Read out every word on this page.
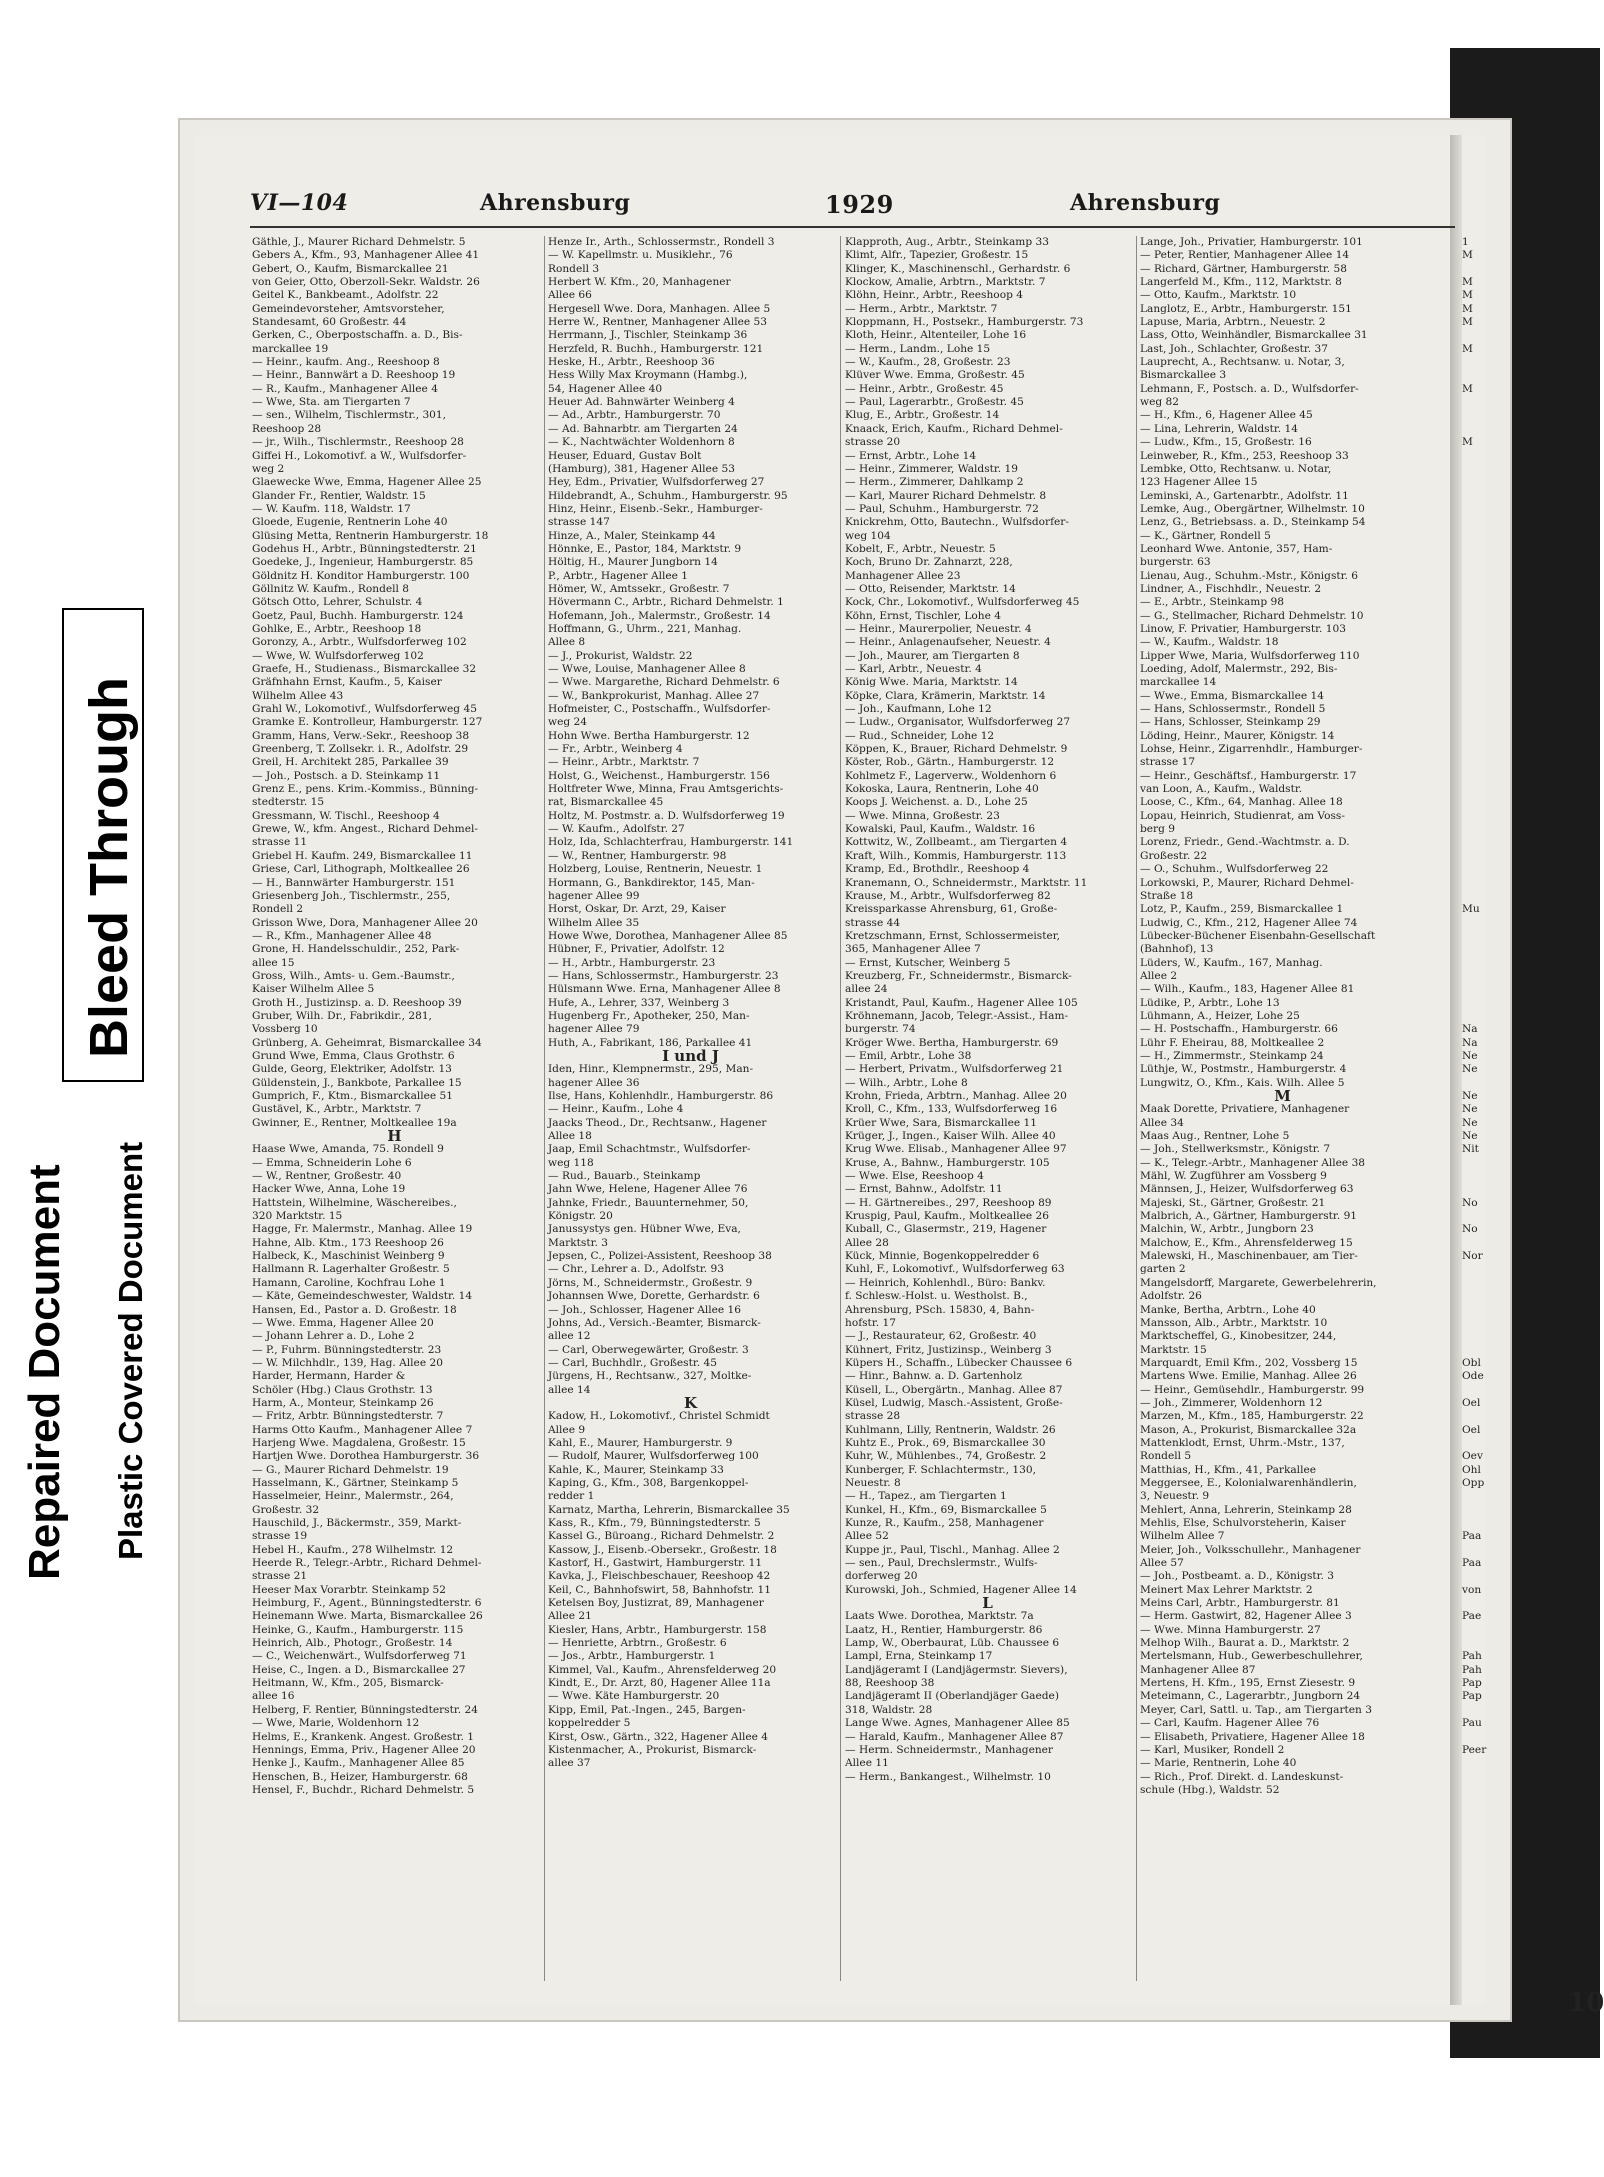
Bleed Through
Repaired Document Plastic Covered Document
VI—104	Ahrensburg	1929	Ahrensburg

Gäthle, J., Maurer Richard Dehmelstr. 5

Gebers A., Kfm., 93, Manhagener Allee 41

Gebert, O., Kaufm, Bismarckallee 21

von Geier, Otto, Oberzoll-Sekr. Waldstr. 26

Geitel K., Bankbeamt., Adolfstr. 22

Gemeindevorsteher, Amtsvorsteher,

Standesamt, 60 Großestr. 44

Gerken, C., Oberpostschaffn. a. D., Bis-

marckallee 19

— Heinr., kaufm. Ang., Reeshoop 8

— Heinr., Bannwärt a D. Reeshoop 19

— R., Kaufm., Manhagener Allee 4

— Wwe, Sta. am Tiergarten 7

— sen., Wilhelm, Tischlermstr., 301,

Reeshoop 28

— jr., Wilh., Tischlermstr., Reeshoop 28

Giffei H., Lokomotivf. a W., Wulfsdorfer-

weg 2

Glaewecke Wwe, Emma, Hagener Allee 25

Glander Fr., Rentier, Waldstr. 15

— W. Kaufm. 118, Waldstr. 17

Gloede, Eugenie, Rentnerin Lohe 40

Glüsing Metta, Rentnerin Hamburgerstr. 18

Godehus H., Arbtr., Bünningstedterstr. 21

Goedeke, J., Ingenieur, Hamburgerstr. 85

Göldnitz H. Konditor Hamburgerstr. 100

Göllnitz W. Kaufm., Rondell 8

Götsch Otto, Lehrer, Schulstr. 4

Goetz, Paul, Buchh. Hamburgerstr. 124

Gohlke, E., Arbtr., Reeshoop 18

Goronzy, A., Arbtr., Wulfsdorferweg 102

— Wwe, W. Wulfsdorferweg 102

Graefe, H., Studienass., Bismarckallee 32

Gräfnhahn Ernst, Kaufm., 5, Kaiser

Wilhelm Allee 43

Grahl W., Lokomotivf., Wulfsdorferweg 45

Gramke E. Kontrolleur, Hamburgerstr. 127

Gramm, Hans, Verw.-Sekr., Reeshoop 38

Greenberg, T. Zollsekr. i. R., Adolfstr. 29

Greil, H. Architekt 285, Parkallee 39

— Joh., Postsch. a D. Steinkamp 11

Grenz E., pens. Krim.-Kommiss., Bünning-

stedterstr. 15

Gressmann, W. Tischl., Reeshoop 4

Grewe, W., kfm. Angest., Richard Dehmel-

strasse 11

Griebel H. Kaufm. 249, Bismarckallee 11

Griese, Carl, Lithograph, Moltkeallee 26

— H., Bannwärter Hamburgerstr. 151

Griesenberg Joh., Tischlermstr., 255,

Rondell 2

Grisson Wwe, Dora, Manhagener Allee 20

— R., Kfm., Manhagener Allee 48

Grone, H. Handelsschuldir., 252, Park-

allee 15

Gross, Wilh., Amts- u. Gem.-Baumstr.,

Kaiser Wilhelm Allee 5

Groth H., Justizinsp. a. D. Reeshoop 39

Gruber, Wilh. Dr., Fabrikdir., 281,

Vossberg 10

Grünberg, A. Geheimrat, Bismarckallee 34

Grund Wwe, Emma, Claus Grothstr. 6

Gulde, Georg, Elektriker, Adolfstr. 13

Güldenstein, J., Bankbote, Parkallee 15

Gumprich, F., Ktm., Bismarckallee 51

Gustävel, K., Arbtr., Marktstr. 7

Gwinner, E., Rentner, Moltkeallee 19a

H

Haase Wwe, Amanda, 75. Rondell 9

— Emma, Schneiderin Lohe 6

— W., Rentner, Großestr. 40

Hacker Wwe, Anna, Lohe 19

Hattstein, Wilhelmine, Wäschereibes.,

320 Marktstr. 15

Hagge, Fr. Malermstr., Manhag. Allee 19

Hahne, Alb. Ktm., 173 Reeshoop 26

Halbeck, K., Maschinist Weinberg 9

Hallmann R. Lagerhalter Großestr. 5

Hamann, Caroline, Kochfrau Lohe 1

— Käte, Gemeindeschwester, Waldstr. 14

Hansen, Ed., Pastor a. D. Großestr. 18

— Wwe. Emma, Hagener Allee 20

— Johann Lehrer a. D., Lohe 2

— P., Fuhrm. Bünningstedterstr. 23

— W. Milchhdlr., 139, Hag. Allee 20

Harder, Hermann, Harder &

Schöler (Hbg.) Claus Grothstr. 13

Harm, A., Monteur, Steinkamp 26

— Fritz, Arbtr. Bünningstedterstr. 7

Harms Otto Kaufm., Manhagener Allee 7

Harjeng Wwe. Magdalena, Großestr. 15

Hartjen Wwe. Dorothea Hamburgerstr. 36

— G., Maurer Richard Dehmelstr. 19

Hasselmann, K., Gärtner, Steinkamp 5

Hasselmeier, Heinr., Malermstr., 264,

Großestr. 32

Hauschild, J., Bäckermstr., 359, Markt-

strasse 19

Hebel H., Kaufm., 278 Wilhelmstr. 12

Heerde R., Telegr.-Arbtr., Richard Dehmel-

strasse 21

Heeser Max Vorarbtr. Steinkamp 52

Heimburg, F., Agent., Bünningstedterstr. 6

Heinemann Wwe. Marta, Bismarckallee 26

Heinke, G., Kaufm., Hamburgerstr. 115

Heinrich, Alb., Photogr., Großestr. 14

— C., Weichenwärt., Wulfsdorferweg 71

Heise, C., Ingen. a D., Bismarckallee 27

Heitmann, W., Kfm., 205, Bismarck-

allee 16

Helberg, F. Rentier, Bünningstedterstr. 24

— Wwe, Marie, Woldenhorn 12

Helms, E., Krankenk. Angest. Großestr. 1

Hennings, Emma, Priv., Hagener Allee 20

Henke J., Kaufm., Manhagener Allee 85

Henschen, B., Heizer, Hamburgerstr. 68

Hensel, F., Buchdr., Richard Dehmelstr. 5

Henze Ir., Arth., Schlossermstr., Rondell 3

— W. Kapellmstr. u. Musiklehr., 76

Rondell 3

Herbert W. Kfm., 20, Manhagener

Allee 66

Hergesell Wwe. Dora, Manhagen. Allee 5

Herre W., Rentner, Manhagener Allee 53

Herrmann, J., Tischler, Steinkamp 36

Herzfeld, R. Buchh., Hamburgerstr. 121

Heske, H., Arbtr., Reeshoop 36

Hess Willy Max Kroymann (Hambg.),

54, Hagener Allee 40

Heuer Ad. Bahnwärter Weinberg 4

— Ad., Arbtr., Hamburgerstr. 70

— Ad. Bahnarbtr. am Tiergarten 24

— K., Nachtwächter Woldenhorn 8

Heuser, Eduard, Gustav Bolt

(Hamburg), 381, Hagener Allee 53

Hey, Edm., Privatier, Wulfsdorferweg 27

Hildebrandt, A., Schuhm., Hamburgerstr. 95

Hinz, Heinr., Eisenb.-Sekr., Hamburger-

strasse 147

Hinze, A., Maler, Steinkamp 44

Hönnke, E., Pastor, 184, Marktstr. 9

Höltig, H., Maurer Jungborn 14

P., Arbtr., Hagener Allee 1

Hömer, W., Amtssekr., Großestr. 7

Hövermann C., Arbtr., Richard Dehmelstr. 1

Hofemann, Joh., Malermstr., Großestr. 14

Hoffmann, G., Uhrm., 221, Manhag.

Allee 8

— J., Prokurist, Waldstr. 22

— Wwe, Louise, Manhagener Allee 8

— Wwe. Margarethe, Richard Dehmelstr. 6

— W., Bankprokurist, Manhag. Allee 27

Hofmeister, C., Postschaffn., Wulfsdorfer-

weg 24

Hohn Wwe. Bertha Hamburgerstr. 12

— Fr., Arbtr., Weinberg 4

— Heinr., Arbtr., Marktstr. 7

Holst, G., Weichenst., Hamburgerstr. 156

Holtfreter Wwe, Minna, Frau Amtsgerichts-

rat, Bismarckallee 45

Holtz, M. Postmstr. a. D. Wulfsdorferweg 19

— W. Kaufm., Adolfstr. 27

Holz, Ida, Schlachterfrau, Hamburgerstr. 141

— W., Rentner, Hamburgerstr. 98

Holzberg, Louise, Rentnerin, Neuestr. 1

Hormann, G., Bankdirektor, 145, Man-

hagener Allee 99

Horst, Oskar, Dr. Arzt, 29, Kaiser

Wilhelm Allee 35

Howe Wwe, Dorothea, Manhagener Allee 85

Hübner, F., Privatier, Adolfstr. 12

— H., Arbtr., Hamburgerstr. 23

— Hans, Schlossermstr., Hamburgerstr. 23

Hülsmann Wwe. Erna, Manhagener Allee 8

Hufe, A., Lehrer, 337, Weinberg 3

Hugenberg Fr., Apotheker, 250, Man-

hagener Allee 79

Huth, A., Fabrikant, 186, Parkallee 41

I und J

Iden, Hinr., Klempnermstr., 295, Man-

hagener Allee 36

Ilse, Hans, Kohlenhdlr., Hamburgerstr. 86

— Heinr., Kaufm., Lohe 4

Jaacks Theod., Dr., Rechtsanw., Hagener

Allee 18

Jaap, Emil Schachtmstr., Wulfsdorfer-

weg 118

— Rud., Bauarb., Steinkamp

Jahn Wwe, Helene, Hagener Allee 76

Jahnke, Friedr., Bauunternehmer, 50,

Königstr. 20

Janussystys gen. Hübner Wwe, Eva,

Marktstr. 3

Jepsen, C., Polizei-Assistent, Reeshoop 38

— Chr., Lehrer a. D., Adolfstr. 93

Jörns, M., Schneidermstr., Großestr. 9

Johannsen Wwe, Dorette, Gerhardstr. 6

— Joh., Schlosser, Hagener Allee 16

Johns, Ad., Versich.-Beamter, Bismarck-

allee 12

— Carl, Oberwegewärter, Großestr. 3

— Carl, Buchhdlr., Großestr. 45

Jürgens, H., Rechtsanw., 327, Moltke-

allee 14

K

Kadow, H., Lokomotivf., Christel Schmidt

Allee 9

Kahl, E., Maurer, Hamburgerstr. 9

— Rudolf, Maurer, Wulfsdorferweg 100

Kahle, K., Maurer, Steinkamp 33

Kaping, G., Kfm., 308, Bargenkoppel-

redder 1

Karnatz, Martha, Lehrerin, Bismarckallee 35

Kass, R., Kfm., 79, Bünningstedterstr. 5

Kassel G., Büroang., Richard Dehmelstr. 2

Kassow, J., Eisenb.-Obersekr., Großestr. 18

Kastorf, H., Gastwirt, Hamburgerstr. 11

Kavka, J., Fleischbeschauer, Reeshoop 42

Keil, C., Bahnhofswirt, 58, Bahnhofstr. 11

Ketelsen Boy, Justizrat, 89, Manhagener

Allee 21

Kiesler, Hans, Arbtr., Hamburgerstr. 158

— Henriette, Arbtrn., Großestr. 6

— Jos., Arbtr., Hamburgerstr. 1

Kimmel, Val., Kaufm., Ahrensfelderweg 20

Kindt, E., Dr. Arzt, 80, Hagener Allee 11a

— Wwe. Käte Hamburgerstr. 20

Kipp, Emil, Pat.-Ingen., 245, Bargen-

koppelredder 5

Kirst, Osw., Gärtn., 322, Hagener Allee 4

Kistenmacher, A., Prokurist, Bismarck-

allee 37

Klapproth, Aug., Arbtr., Steinkamp 33

Klimt, Alfr., Tapezier, Großestr. 15

Klinger, K., Maschinenschl., Gerhardstr. 6

Klockow, Amalie, Arbtrn., Marktstr. 7

Klöhn, Heinr., Arbtr., Reeshoop 4

— Herm., Arbtr., Marktstr. 7

Kloppmann, H., Postsekr., Hamburgerstr. 73

Kloth, Heinr., Altenteiler, Lohe 16

— Herm., Landm., Lohe 15

— W., Kaufm., 28, Großestr. 23

Klüver Wwe. Emma, Großestr. 45

— Heinr., Arbtr., Großestr. 45

— Paul, Lagerarbtr., Großestr. 45

Klug, E., Arbtr., Großestr. 14

Knaack, Erich, Kaufm., Richard Dehmel-

strasse 20

— Ernst, Arbtr., Lohe 14

— Heinr., Zimmerer, Waldstr. 19

— Herm., Zimmerer, Dahlkamp 2

— Karl, Maurer Richard Dehmelstr. 8

— Paul, Schuhm., Hamburgerstr. 72

Knickrehm, Otto, Bautechn., Wulfsdorfer-

weg 104

Kobelt, F., Arbtr., Neuestr. 5

Koch, Bruno Dr. Zahnarzt, 228,

Manhagener Allee 23

— Otto, Reisender, Marktstr. 14

Kock, Chr., Lokomotivf., Wulfsdorferweg 45

Köhn, Ernst, Tischler, Lohe 4

— Heinr., Maurerpolier, Neuestr. 4

— Heinr., Anlagenaufseher, Neuestr. 4

— Joh., Maurer, am Tiergarten 8

— Karl, Arbtr., Neuestr. 4

König Wwe. Maria, Marktstr. 14

Köpke, Clara, Krämerin, Marktstr. 14

— Joh., Kaufmann, Lohe 12

— Ludw., Organisator, Wulfsdorferweg 27

— Rud., Schneider, Lohe 12

Köppen, K., Brauer, Richard Dehmelstr. 9

Köster, Rob., Gärtn., Hamburgerstr. 12

Kohlmetz F., Lagerverw., Woldenhorn 6

Kokoska, Laura, Rentnerin, Lohe 40

Koops J. Weichenst. a. D., Lohe 25

— Wwe. Minna, Großestr. 23

Kowalski, Paul, Kaufm., Waldstr. 16

Kottwitz, W., Zollbeamt., am Tiergarten 4

Kraft, Wilh., Kommis, Hamburgerstr. 113

Kramp, Ed., Brothdlr., Reeshoop 4

Kranemann, O., Schneidermstr., Marktstr. 11

Krause, M., Arbtr., Wulfsdorferweg 82

Kreissparkasse Ahrensburg, 61, Große-

strasse 44

Kretzschmann, Ernst, Schlossermeister,

365, Manhagener Allee 7

— Ernst, Kutscher, Weinberg 5

Kreuzberg, Fr., Schneidermstr., Bismarck-

allee 24

Kristandt, Paul, Kaufm., Hagener Allee 105

Kröhnemann, Jacob, Telegr.-Assist., Ham-

burgerstr. 74

Kröger Wwe. Bertha, Hamburgerstr. 69

— Emil, Arbtr., Lohe 38

— Herbert, Privatm., Wulfsdorferweg 21

— Wilh., Arbtr., Lohe 8

Krohn, Frieda, Arbtrn., Manhag. Allee 20

Kroll, C., Kfm., 133, Wulfsdorferweg 16

Krüer Wwe, Sara, Bismarckallee 11

Krüger, J., Ingen., Kaiser Wilh. Allee 40

Krug Wwe. Elisab., Manhagener Allee 97

Kruse, A., Bahnw., Hamburgerstr. 105

— Wwe. Else, Reeshoop 4

— Ernst, Bahnw., Adolfstr. 11

— H. Gärtnereibes., 297, Reeshoop 89

Kruspig, Paul, Kaufm., Moltkeallee 26

Kuball, C., Glasermstr., 219, Hagener

Allee 28

Kück, Minnie, Bogenkoppelredder 6

Kuhl, F., Lokomotivf., Wulfsdorferweg 63

— Heinrich, Kohlenhdl., Büro: Bankv.

f. Schlesw.-Holst. u. Westholst. B.,

Ahrensburg, PSch. 15830, 4, Bahn-

hofstr. 17

— J., Restaurateur, 62, Großestr. 40

Kühnert, Fritz, Justizinsp., Weinberg 3

Küpers H., Schaffn., Lübecker Chaussee 6

— Hinr., Bahnw. a. D. Gartenholz

Küsell, L., Obergärtn., Manhag. Allee 87

Küsel, Ludwig, Masch.-Assistent, Große-

strasse 28

Kuhlmann, Lilly, Rentnerin, Waldstr. 26

Kuhtz E., Prok., 69, Bismarckallee 30

Kuhr, W., Mühlenbes., 74, Großestr. 2

Kunberger, F. Schlachtermstr., 130,

Neuestr. 8

— H., Tapez., am Tiergarten 1

Kunkel, H., Kfm., 69, Bismarckallee 5

Kunze, R., Kaufm., 258, Manhagener

Allee 52

Kuppe jr., Paul, Tischl., Manhag. Allee 2

— sen., Paul, Drechslermstr., Wulfs-

dorferweg 20

Kurowski, Joh., Schmied, Hagener Allee 14

L

Laats Wwe. Dorothea, Marktstr. 7a

Laatz, H., Rentier, Hamburgerstr. 86

Lamp, W., Oberbaurat, Lüb. Chaussee 6

Lampl, Erna, Steinkamp 17

Landjägeramt I (Landjägermstr. Sievers),

88, Reeshoop 38

Landjägeramt II (Oberlandjäger Gaede)

318, Waldstr. 28

Lange Wwe. Agnes, Manhagener Allee 85

— Harald, Kaufm., Manhagener Allee 87

— Herm. Schneidermstr., Manhagener

Allee 11

— Herm., Bankangest., Wilhelmstr. 10

Lange, Joh., Privatier, Hamburgerstr. 101

— Peter, Rentier, Manhagener Allee 14

— Richard, Gärtner, Hamburgerstr. 58

Langerfeld M., Kfm., 112, Marktstr. 8

— Otto, Kaufm., Marktstr. 10

Langlotz, E., Arbtr., Hamburgerstr. 151

Lapuse, Maria, Arbtrn., Neuestr. 2

Lass, Otto, Weinhändler, Bismarckallee 31

Last, Joh., Schlachter, Großestr. 37

Lauprecht, A., Rechtsanw. u. Notar, 3,

Bismarckallee 3

Lehmann, F., Postsch. a. D., Wulfsdorfer-

weg 82

— H., Kfm., 6, Hagener Allee 45

— Lina, Lehrerin, Waldstr. 14

— Ludw., Kfm., 15, Großestr. 16

Leinweber, R., Kfm., 253, Reeshoop 33

Lembke, Otto, Rechtsanw. u. Notar,

123 Hagener Allee 15

Leminski, A., Gartenarbtr., Adolfstr. 11

Lemke, Aug., Obergärtner, Wilhelmstr. 10

Lenz, G., Betriebsass. a. D., Steinkamp 54

— K., Gärtner, Rondell 5

Leonhard Wwe. Antonie, 357, Ham-

burgerstr. 63

Lienau, Aug., Schuhm.-Mstr., Königstr. 6

Lindner, A., Fischhdlr., Neuestr. 2

— E., Arbtr., Steinkamp 98

— G., Stellmacher, Richard Dehmelstr. 10

Linow, F. Privatier, Hamburgerstr. 103

— W., Kaufm., Waldstr. 18

Lipper Wwe, Maria, Wulfsdorferweg 110

Loeding, Adolf, Malermstr., 292, Bis-

marckallee 14

— Wwe., Emma, Bismarckallee 14

— Hans, Schlossermstr., Rondell 5

— Hans, Schlosser, Steinkamp 29

Löding, Heinr., Maurer, Königstr. 14

Lohse, Heinr., Zigarrenhdlr., Hamburger-

strasse 17

— Heinr., Geschäftsf., Hamburgerstr. 17

van Loon, A., Kaufm., Waldstr.

Loose, C., Kfm., 64, Manhag. Allee 18

Lopau, Heinrich, Studienrat, am Voss-

berg 9

Lorenz, Friedr., Gend.-Wachtmstr. a. D.

Großestr. 22

— O., Schuhm., Wulfsdorferweg 22

Lorkowski, P., Maurer, Richard Dehmel-

Straße 18

Lotz, P., Kaufm., 259, Bismarckallee 1

Ludwig, C., Kfm., 212, Hagener Allee 74

Lübecker-Büchener Eisenbahn-Gesellschaft

(Bahnhof), 13

Lüders, W., Kaufm., 167, Manhag.

Allee 2

— Wilh., Kaufm., 183, Hagener Allee 81

Lüdike, P., Arbtr., Lohe 13

Lühmann, A., Heizer, Lohe 25

— H. Postschaffn., Hamburgerstr. 66

Lühr F. Eheirau, 88, Moltkeallee 2

— H., Zimmermstr., Steinkamp 24

Lüthje, W., Postmstr., Hamburgerstr. 4

Lungwitz, O., Kfm., Kais. Wilh. Allee 5

M

Maak Dorette, Privatiere, Manhagener

Allee 34

Maas Aug., Rentner, Lohe 5

— Joh., Stellwerksmstr., Königstr. 7

— K., Telegr.-Arbtr., Manhagener Allee 38

Mähl, W. Zugführer am Vossberg 9

Männsen, J., Heizer, Wulfsdorferweg 63

Majeski, St., Gärtner, Großestr. 21

Malbrich, A., Gärtner, Hamburgerstr. 91

Malchin, W., Arbtr., Jungborn 23

Malchow, E., Kfm., Ahrensfelderweg 15

Malewski, H., Maschinenbauer, am Tier-

garten 2

Mangelsdorff, Margarete, Gewerbelehrerin,

Adolfstr. 26

Manke, Bertha, Arbtrn., Lohe 40

Mansson, Alb., Arbtr., Marktstr. 10

Marktscheffel, G., Kinobesitzer, 244,

Marktstr. 15

Marquardt, Emil Kfm., 202, Vossberg 15

Martens Wwe. Emilie, Manhag. Allee 26

— Heinr., Gemüsehdlr., Hamburgerstr. 99

— Joh., Zimmerer, Woldenhorn 12

Marzen, M., Kfm., 185, Hamburgerstr. 22

Mason, A., Prokurist, Bismarckallee 32a

Mattenklodt, Ernst, Uhrm.-Mstr., 137,

Rondell 5

Matthias, H., Kfm., 41, Parkallee

Meggersee, E., Kolonialwarenhändlerin,

3, Neuestr. 9

Mehlert, Anna, Lehrerin, Steinkamp 28

Mehlis, Else, Schulvorsteherin, Kaiser

Wilhelm Allee 7

Meier, Joh., Volksschullehr., Manhagener

Allee 57

— Joh., Postbeamt. a. D., Königstr. 3

Meinert Max Lehrer Marktstr. 2

Meins Carl, Arbtr., Hamburgerstr. 81

— Herm. Gastwirt, 82, Hagener Allee 3

— Wwe. Minna Hamburgerstr. 27

Melhop Wilh., Baurat a. D., Marktstr. 2

Mertelsmann, Hub., Gewerbeschullehrer,

Manhagener Allee 87

Mertens, H. Kfm., 195, Ernst Ziesestr. 9

Meteimann, C., Lagerarbtr., Jungborn 24

Meyer, Carl, Sattl. u. Tap., am Tiergarten 3

— Carl, Kaufm. Hagener Allee 76

— Elisabeth, Privatiere, Hagener Allee 18

— Karl, Musiker, Rondell 2

— Marie, Rentnerin, Lohe 40

— Rich., Prof. Direkt. d. Landeskunst-

schule (Hbg.), Waldstr. 52

1

M

M

M

M

M

M

M

M

Mu

Na

Na

Ne

Ne

Ne

Ne

Ne

Ne

Nit

No

No

Nor

Obl

Ode

Oel

Oel

Oev

Ohl

Opp

Paa

Paa

von

Pae

Pah

Pah

Pap

Pap

Pau

Peer

10
